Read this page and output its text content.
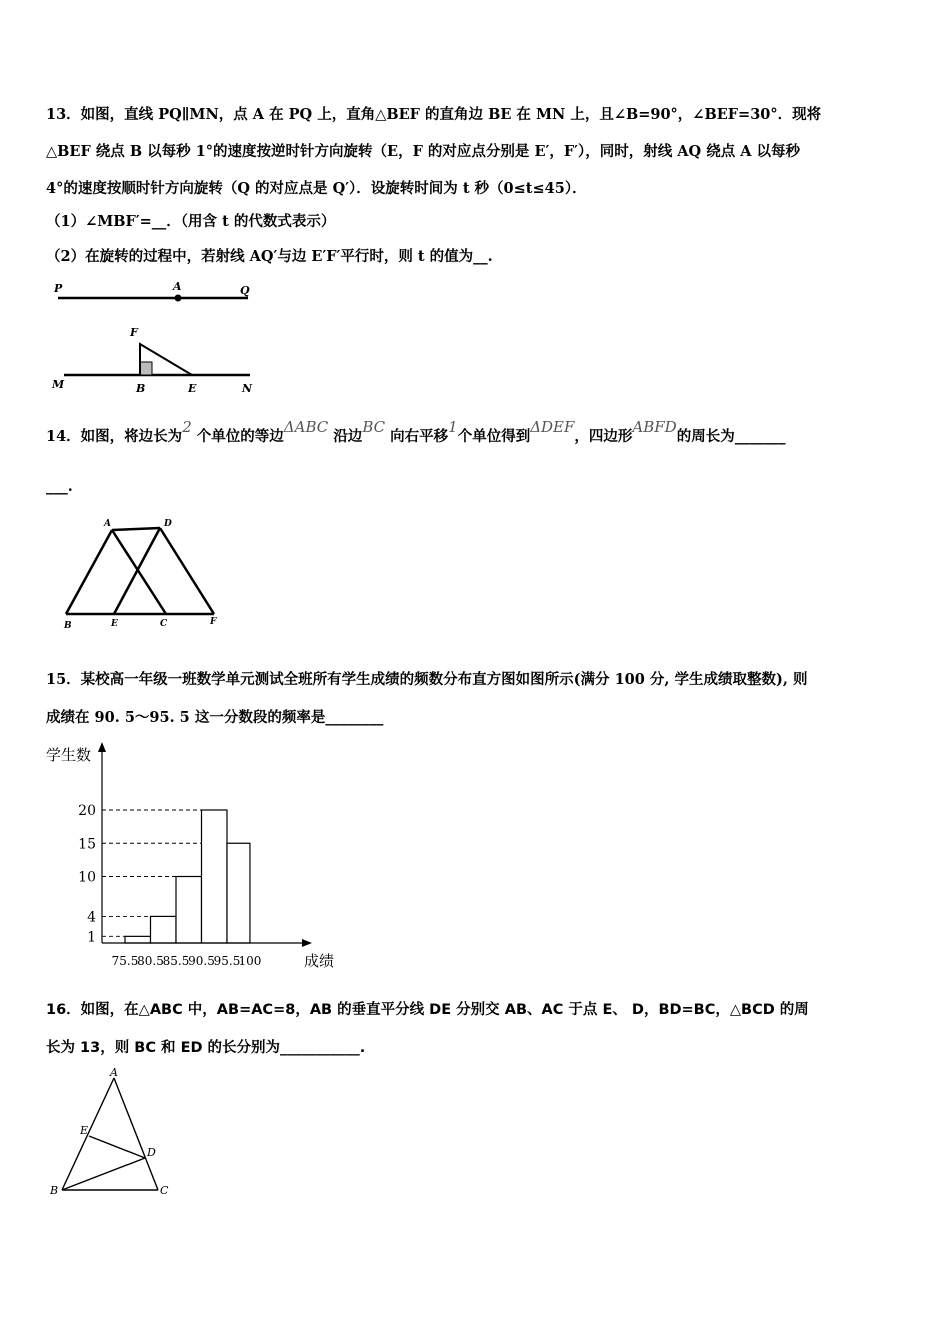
13．如图，直线 PQ∥MN，点 A 在 PQ 上，直角△BEF 的直角边 BE 在 MN 上，且∠B=90°，∠BEF=30°．现将
△BEF 绕点 B 以每秒 1°的速度按逆时针方向旋转（E，F 的对应点分别是 E′，F′），同时，射线 AQ 绕点 A 以每秒
4°的速度按顺时针方向旋转（Q 的对应点是 Q′）．设旋转时间为 t 秒（0≤t≤45）．
（1）∠MBF′=__．（用含 t 的代数式表示）
（2）在旋转的过程中，若射线 AQ′与边 E′F′平行时，则 t 的值为__.
P	A	Q
F
M	B	E	N
14．如图，将边长为2 个单位的等边ΔABC 沿边BC 向右平移1个单位得到ΔDEF，四边形ABFD的周长为_______
___.
A	D
B	E	C	F
15．某校高一年级一班数学单元测试全班所有学生成绩的频数分布直方图如图所示(满分 100 分, 学生成绩取整数), 则
成绩在 90. 5～95. 5 这一分数段的频率是________
学生数
成绩
1
4
10
15
20
75.5
80.5
85.5
90.5
95.5
100
16．如图，在△ABC 中，AB=AC=8，AB 的垂直平分线 DE 分别交 AB、AC 于点 E、 D，BD=BC，△BCD 的周
长为 13，则 BC 和 ED 的长分别为___________.
A
E
D
B	C
